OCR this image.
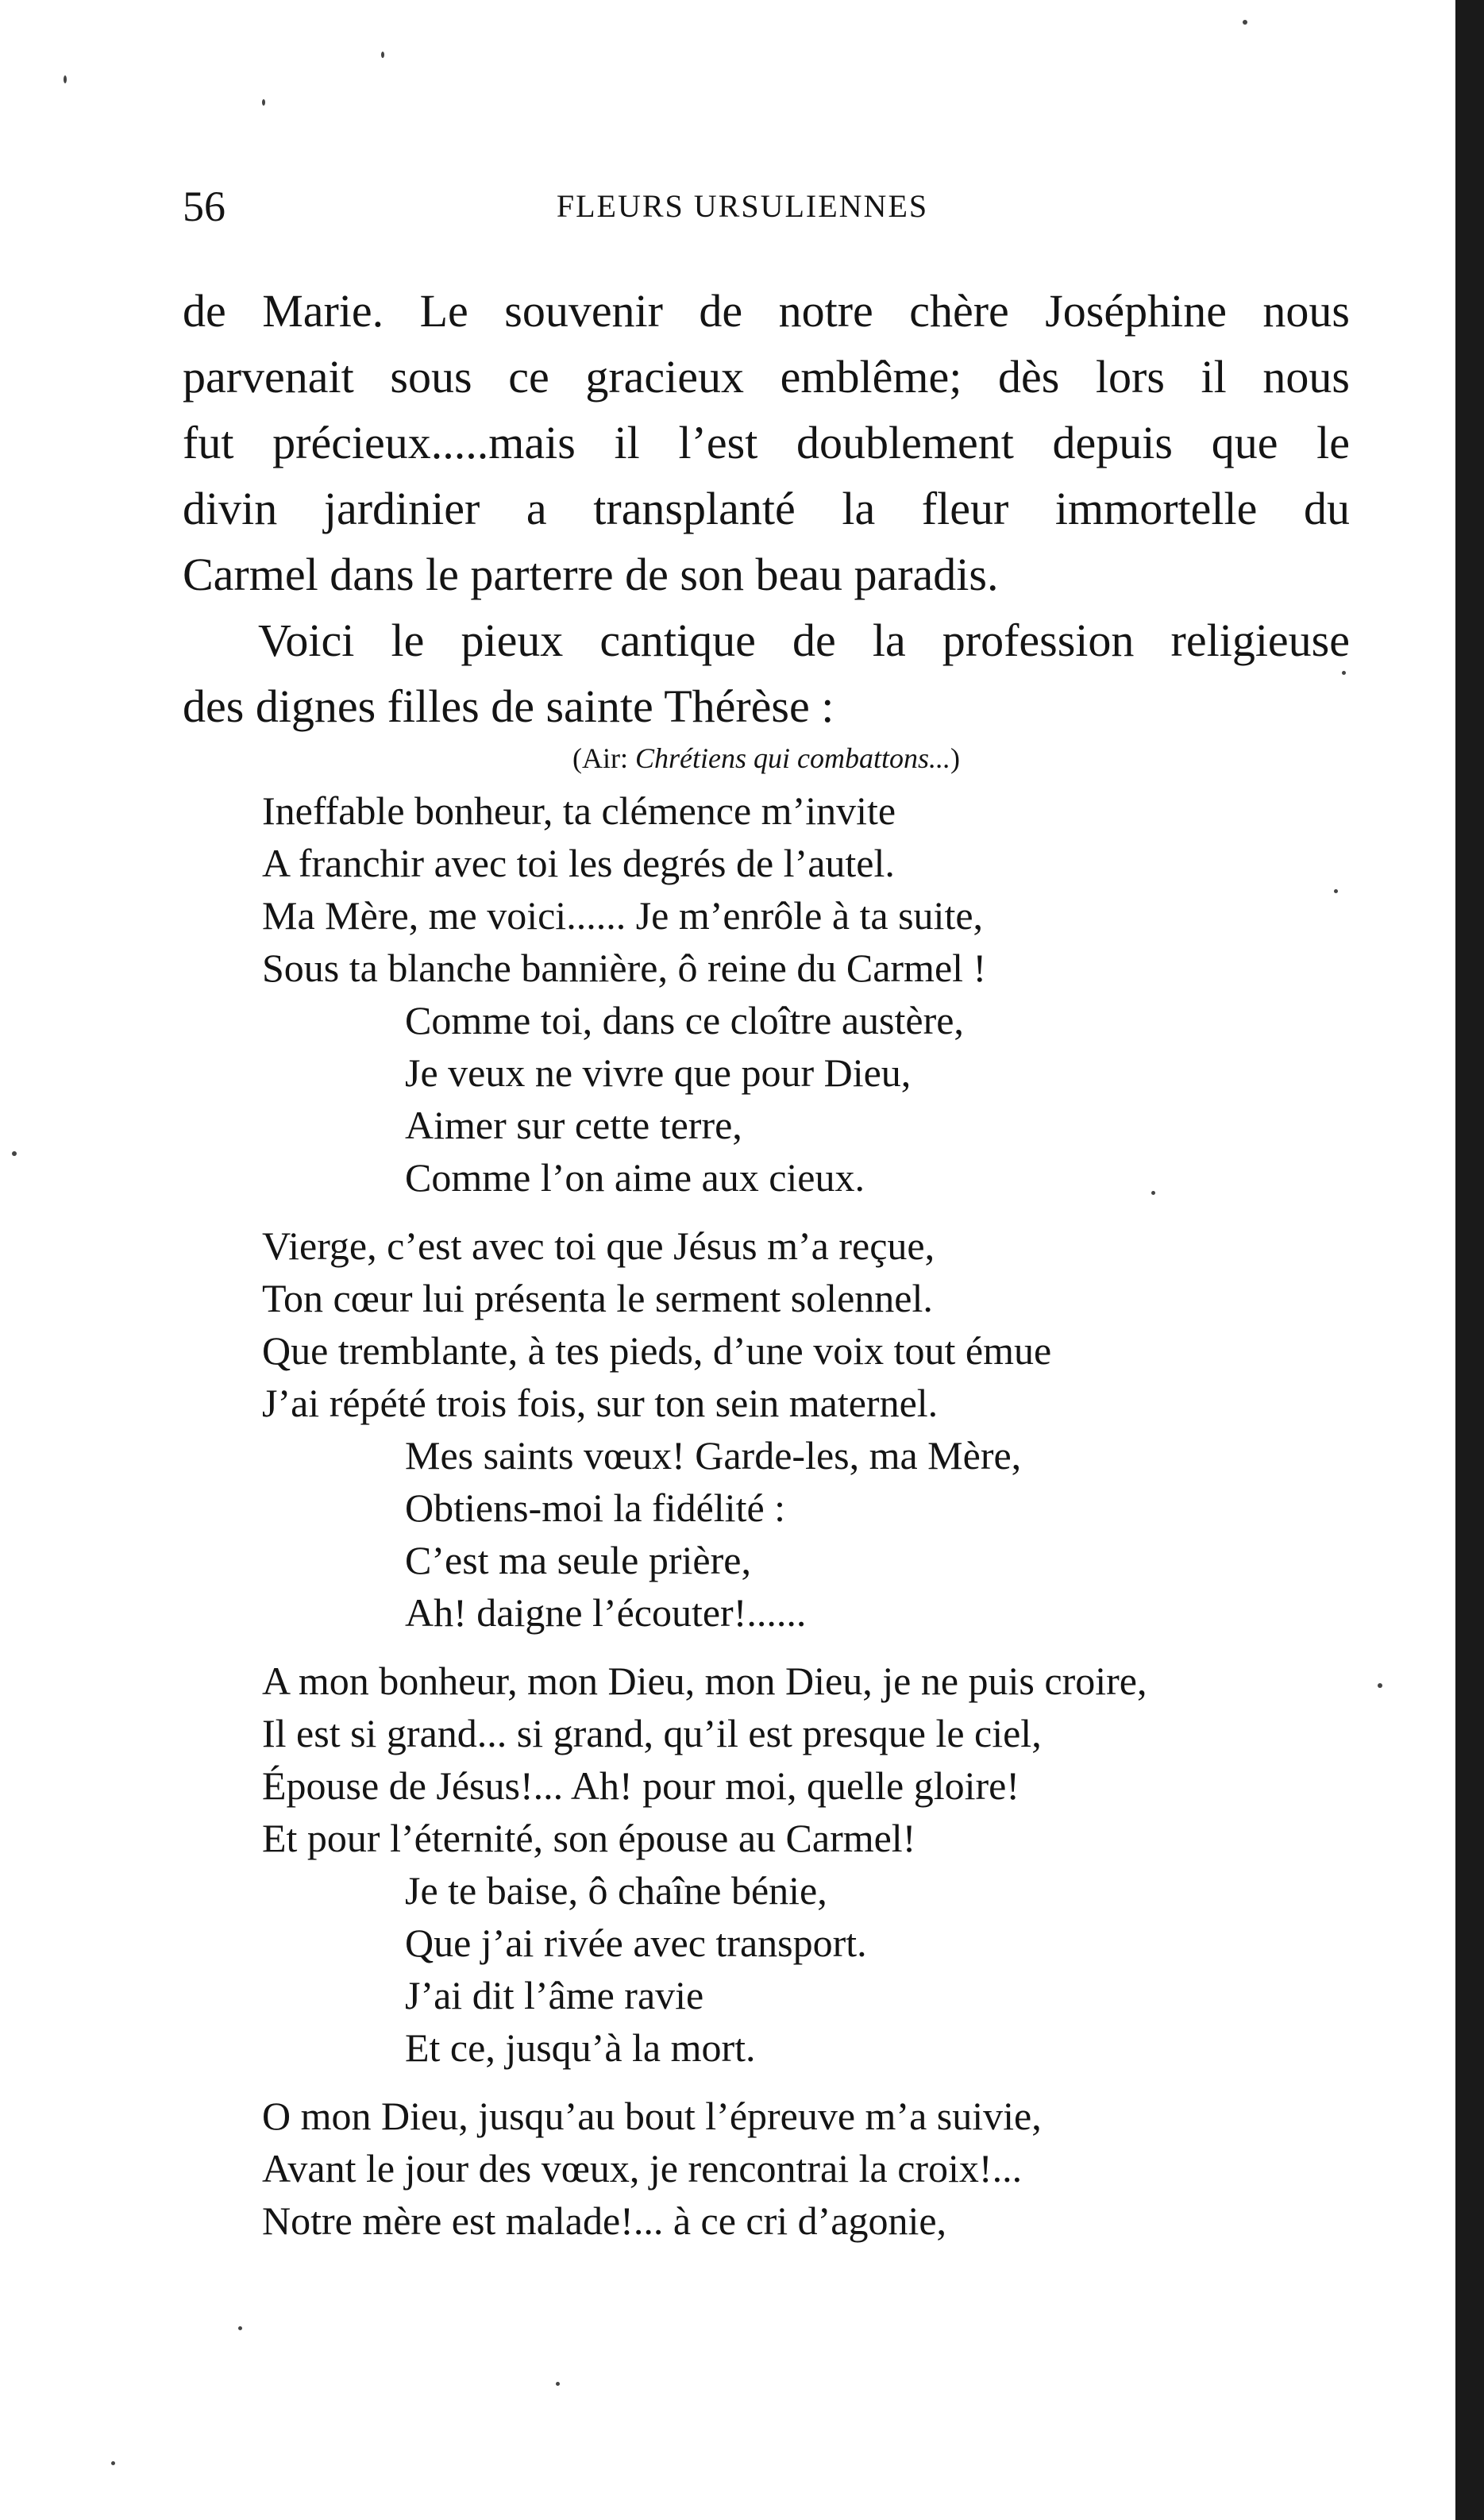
FLEURS URSULIENNES
56
de Marie. Le souvenir de notre chère Joséphine nous
parvenait sous ce gracieux emblême; dès lors il nous
fut précieux.....mais il l’est doublement depuis que le
divin jardinier a transplanté la fleur immortelle du
Carmel dans le parterre de son beau paradis.
Voici le pieux cantique de la profession religieuse
des dignes filles de sainte Thérèse :
(Air: Chrétiens qui combattons...)
Ineffable bonheur, ta clémence m’invite
A franchir avec toi les degrés de l’autel.
Ma Mère, me voici...... Je m’enrôle à ta suite,
Sous ta blanche bannière, ô reine du Carmel !
Comme toi, dans ce cloître austère,
Je veux ne vivre que pour Dieu,
Aimer sur cette terre,
Comme l’on aime aux cieux.
Vierge, c’est avec toi que Jésus m’a reçue,
Ton cœur lui présenta le serment solennel.
Que tremblante, à tes pieds, d’une voix tout émue
J’ai répété trois fois, sur ton sein maternel.
Mes saints vœux! Garde-les, ma Mère,
Obtiens-moi la fidélité :
C’est ma seule prière,
Ah! daigne l’écouter!......
A mon bonheur, mon Dieu, mon Dieu, je ne puis croire,
Il est si grand... si grand, qu’il est presque le ciel,
Épouse de Jésus!... Ah! pour moi, quelle gloire!
Et pour l’éternité, son épouse au Carmel!
Je te baise, ô chaîne bénie,
Que j’ai rivée avec transport.
J’ai dit l’âme ravie
Et ce, jusqu’à la mort.
O mon Dieu, jusqu’au bout l’épreuve m’a suivie,
Avant le jour des vœux, je rencontrai la croix!...
Notre mère est malade!... à ce cri d’agonie,
